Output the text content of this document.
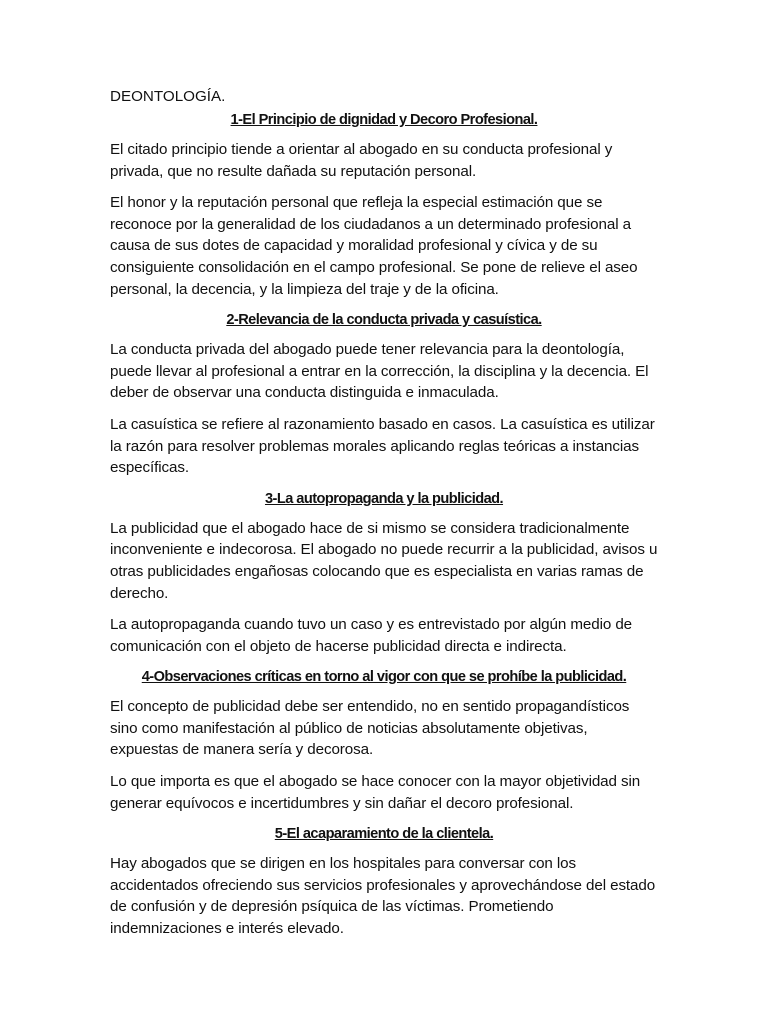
DEONTOLOGÍA.
1-El Principio de dignidad y Decoro Profesional.

El citado principio tiende a orientar al abogado en su conducta profesional y privada, que no resulte dañada su reputación personal.

El honor y la reputación personal que refleja la especial estimación que se reconoce por la generalidad de los ciudadanos a un determinado profesional a causa de sus dotes de capacidad y moralidad profesional y cívica y de su consiguiente consolidación en el campo profesional. Se pone de relieve el aseo personal, la decencia, y la limpieza del traje y de la oficina.

2-Relevancia de la conducta privada y casuística.

La conducta privada del abogado puede tener relevancia para la deontología, puede llevar al profesional a entrar en la corrección, la disciplina y la decencia. El deber de observar una conducta distinguida e inmaculada.

La casuística se refiere al razonamiento basado en casos. La casuística es utilizar la razón para resolver problemas morales aplicando reglas teóricas a instancias específicas.

3-La autopropaganda y la publicidad.

La publicidad que el abogado hace de si mismo se considera tradicionalmente inconveniente e indecorosa. El abogado no puede recurrir a la publicidad, avisos u otras publicidades engañosas colocando que es especialista en varias ramas de derecho.

La autopropaganda cuando tuvo un caso y es entrevistado por algún medio de comunicación con el objeto de hacerse publicidad directa e indirecta.

4-Observaciones críticas en torno al vigor con que se prohíbe la publicidad.

El concepto de publicidad debe ser entendido, no en sentido propagandísticos sino como manifestación al público de noticias absolutamente objetivas, expuestas de manera sería y decorosa.

Lo que importa es que el abogado se hace conocer con la mayor objetividad sin generar equívocos e incertidumbres y sin dañar el decoro profesional.

5-El acaparamiento de la clientela.

Hay abogados que se dirigen en los hospitales para conversar con los accidentados ofreciendo sus servicios profesionales y aprovechándose del estado de confusión y de depresión psíquica de las víctimas. Prometiendo indemnizaciones e interés elevado.
